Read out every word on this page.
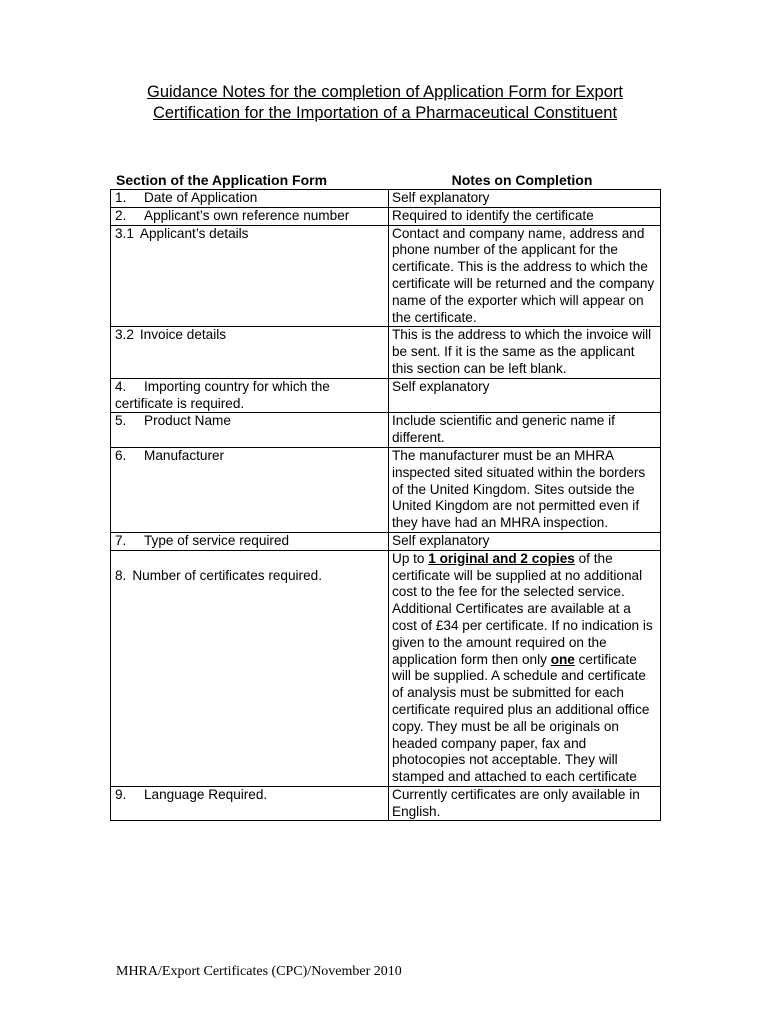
Guidance Notes for the completion of Application Form for Export
Certification for the Importation of a Pharmaceutical Constituent
Section of the Application Form	Notes on Completion
1. Date of Application	Self explanatory
2. Applicant’s own reference number	Required to identify the certificate
3.1 Applicant’s details	Contact and company name, address and phone number of the applicant for the certificate. This is the address to which the certificate will be returned and the company name of the exporter which will appear on the certificate.
3.2 Invoice details	This is the address to which the invoice will be sent. If it is the same as the applicant this section can be left blank.
4. Importing country for which the certificate is required.	Self explanatory
5. Product Name	Include scientific and generic name if different.
6. Manufacturer	The manufacturer must be an MHRA inspected sited situated within the borders of the United Kingdom. Sites outside the United Kingdom are not permitted even if they have had an MHRA inspection.
7. Type of service required	Self explanatory
8. Number of certificates required.	Up to 1 original and 2 copies of the certificate will be supplied at no additional cost to the fee for the selected service. Additional Certificates are available at a cost of £34 per certificate. If no indication is given to the amount required on the application form then only one certificate will be supplied. A schedule and certificate of analysis must be submitted for each certificate required plus an additional office copy. They must be all be originals on headed company paper, fax and photocopies not acceptable. They will stamped and attached to each certificate
9. Language Required.	Currently certificates are only available in English.
MHRA/Export Certificates (CPC)/November 2010
